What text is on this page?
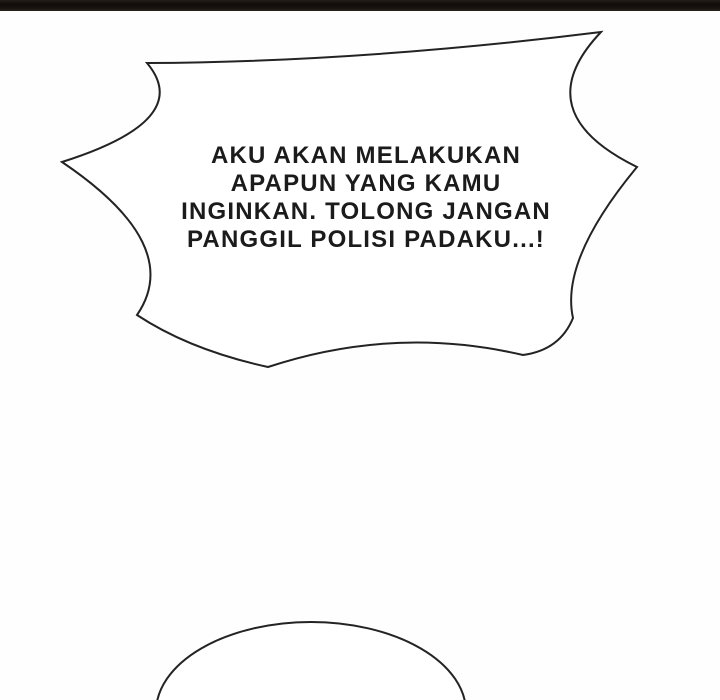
AKU AKAN MELAKUKAN
APAPUN YANG KAMU
INGINKAN. TOLONG JANGAN
PANGGIL POLISI PADAKU...!
